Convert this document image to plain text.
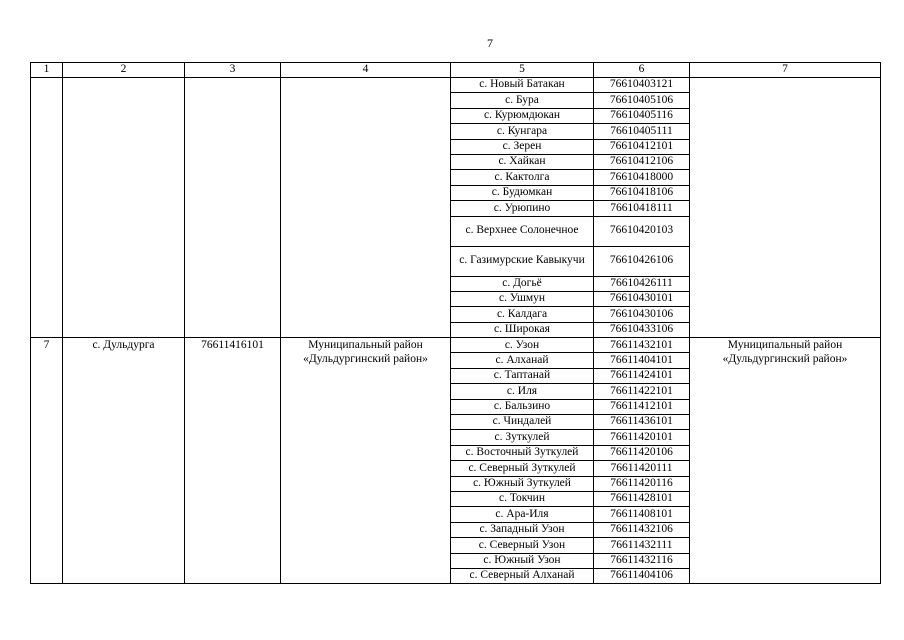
7
1	2	3	4	5	6	7
				с. Новый Батакан	76610403121	
				с. Бура	76610405106	
				с. Курюмдюкан	76610405116	
				с. Кунгара	76610405111	
				с. Зерен	76610412101	
				с. Хайкан	76610412106	
				с. Кактолга	76610418000	
				с. Будюмкан	76610418106	
				с. Урюпино	76610418111	
				с. Верхнее Солонечное	76610420103	
				с. Газимурские Кавыкучи	76610426106	
				с. Догьё	76610426111	
				с. Ушмун	76610430101	
				с. Калдага	76610430106	
				с. Широкая	76610433106	
7	с. Дульдурга	76611416101	Муниципальный район «Дульдургинский район»	с. Узон	76611432101	Муниципальный район «Дульдургинский район»
				с. Алханай	76611404101	
				с. Таптанай	76611424101	
				с. Иля	76611422101	
				с. Бальзино	76611412101	
				с. Чиндалей	76611436101	
				с. Зуткулей	76611420101	
				с. Восточный Зуткулей	76611420106	
				с. Северный Зуткулей	76611420111	
				с. Южный Зуткулей	76611420116	
				с. Токчин	76611428101	
				с. Ара-Иля	76611408101	
				с. Западный Узон	76611432106	
				с. Северный Узон	76611432111	
				с. Южный Узон	76611432116	
				с. Северный Алханай	76611404106	
